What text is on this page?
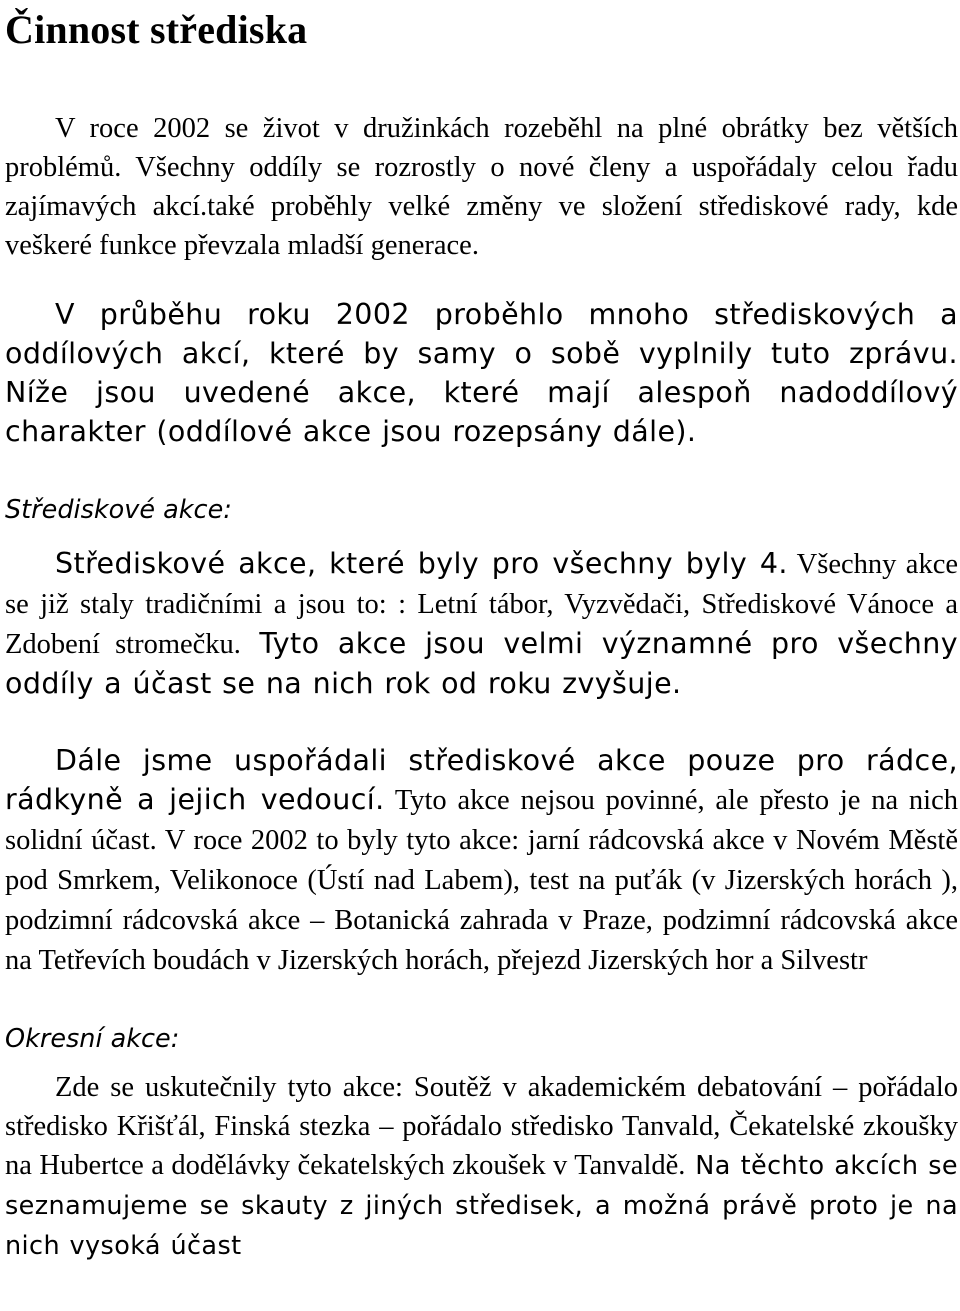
Činnost střediska

V roce 2002 se život v družinkách rozeběhl na plné obrátky bez větších problémů. Všechny oddíly se rozrostly o nové členy a uspořádaly celou řadu zajímavých akcí.také proběhly velké změny ve složení střediskové rady, kde veškeré funkce převzala mladší generace.

V průběhu roku 2002 proběhlo mnoho střediskových a oddílových akcí, které by samy o sobě vyplnily tuto zprávu. Níže jsou uvedené akce, které mají alespoň nadoddílový charakter (oddílové akce jsou rozepsány dále).

Střediskové akce:

Střediskové akce, které byly pro všechny byly 4. Všechny akce se již staly tradičními a jsou to: : Letní tábor, Vyzvědači, Střediskové Vánoce a Zdobení stromečku. Tyto akce jsou velmi významné pro všechny oddíly a účast se na nich rok od roku zvyšuje.

Dále jsme uspořádali střediskové akce pouze pro rádce, rádkyně a jejich vedoucí. Tyto akce nejsou povinné, ale přesto je na nich solidní účast. V roce 2002 to byly tyto akce: jarní rádcovská akce v Novém Městě pod Smrkem, Velikonoce (Ústí nad Labem), test na puťák (v Jizerských horách ), podzimní rádcovská akce – Botanická zahrada v Praze, podzimní rádcovská akce na Tetřevích boudách v Jizerských horách, přejezd Jizerských hor a Silvestr

Okresní akce:

Zde se uskutečnily tyto akce: Soutěž v akademickém debatování – pořádalo středisko Křišťál, Finská stezka – pořádalo středisko Tanvald, Čekatelské zkoušky na Hubertce a dodělávky čekatelských zkoušek v Tanvaldě. Na těchto akcích se seznamujeme se skauty z jiných středisek, a možná právě proto je na nich vysoká účast
